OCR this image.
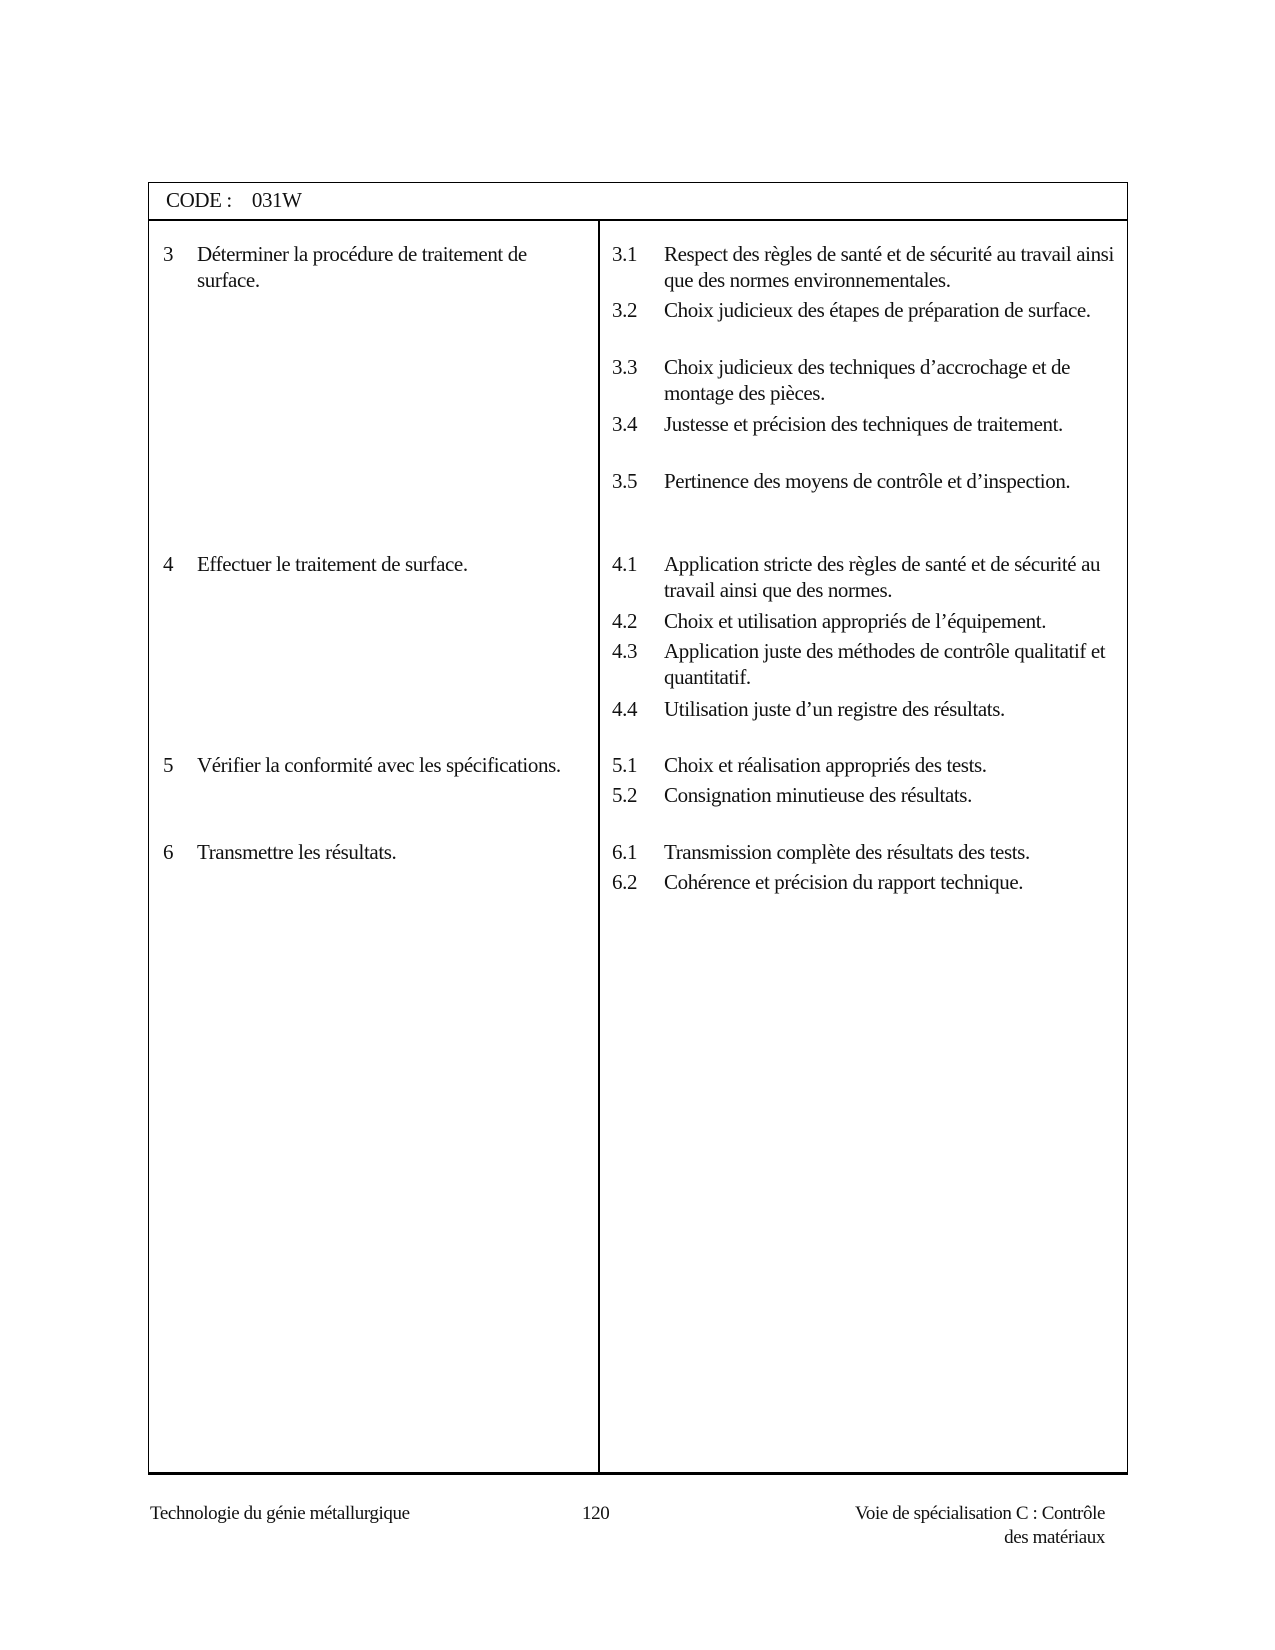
CODE : 031W
3 Déterminer la procédure de traitement de surface.
4 Effectuer le traitement de surface.
5 Vérifier la conformité avec les spécifications.
6 Transmettre les résultats.
3.1 Respect des règles de santé et de sécurité au travail ainsi que des normes environnementales.
3.2 Choix judicieux des étapes de préparation de surface.
3.3 Choix judicieux des techniques d’accrochage et de montage des pièces.
3.4 Justesse et précision des techniques de traitement.
3.5 Pertinence des moyens de contrôle et d’inspection.
4.1 Application stricte des règles de santé et de sécurité au travail ainsi que des normes.
4.2 Choix et utilisation appropriés de l’équipement.
4.3 Application juste des méthodes de contrôle qualitatif et quantitatif.
4.4 Utilisation juste d’un registre des résultats.
5.1 Choix et réalisation appropriés des tests.
5.2 Consignation minutieuse des résultats.
6.1 Transmission complète des résultats des tests.
6.2 Cohérence et précision du rapport technique.
Technologie du génie métallurgique	120	Voie de spécialisation C : Contrôle
des matériaux
